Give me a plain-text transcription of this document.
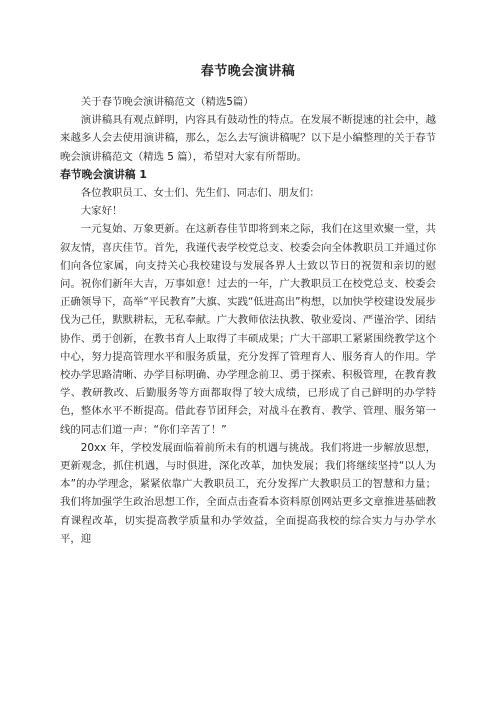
春节晚会演讲稿

关于春节晚会演讲稿范文（精选5篇）

演讲稿具有观点鲜明，内容具有鼓动性的特点。在发展不断提速的社会中，越来越多人会去使用演讲稿，那么，怎么去写演讲稿呢？以下是小编整理的关于春节晚会演讲稿范文（精选 5 篇），希望对大家有所帮助。

春节晚会演讲稿 1

各位教职员工、女士们、先生们、同志们、朋友们：

大家好！

一元复始、万象更新。在这新春佳节即将到来之际，我们在这里欢聚一堂，共叙友情，喜庆佳节。首先，我谨代表学校党总支、校委会向全体教职员工并通过你们向各位家属，向支持关心我校建设与发展各界人士致以节日的祝贺和亲切的慰问。祝你们新年大吉，万事如意！过去的一年，广大教职员工在校党总支、校委会正确领导下，高举“平民教育”大旗、实践“低进高出”构想，以加快学校建设发展步伐为己任，默默耕耘，无私奉献。广大教师依法执教、敬业爱岗、严谨治学、团结协作、勇于创新，在教书育人上取得了丰硕成果；广大干部职工紧紧围绕教学这个中心，努力提高管理水平和服务质量，充分发挥了管理育人、服务育人的作用。学校办学思路清晰、办学目标明确、办学理念前卫、勇于探索、积极管理，在教育教学、教研教改、后勤服务等方面都取得了较大成绩，已形成了自己鲜明的办学特色，整体水平不断提高。借此春节团拜会，对战斗在教育、教学、管理、服务第一线的同志们道一声：“你们辛苦了！”

20xx 年，学校发展面临着前所未有的机遇与挑战。我们将进一步解放思想，更新观念，抓住机遇，与时俱进，深化改革，加快发展；我们将继续坚持“以人为本”的办学理念，紧紧依靠广大教职员工，充分发挥广大教职员工的智慧和力量；我们将加强学生政治思想工作，全面点击查看本资料原创网站更多文章推进基础教育课程改革，切实提高教学质量和办学效益，全面提高我校的综合实力与办学水平，迎
